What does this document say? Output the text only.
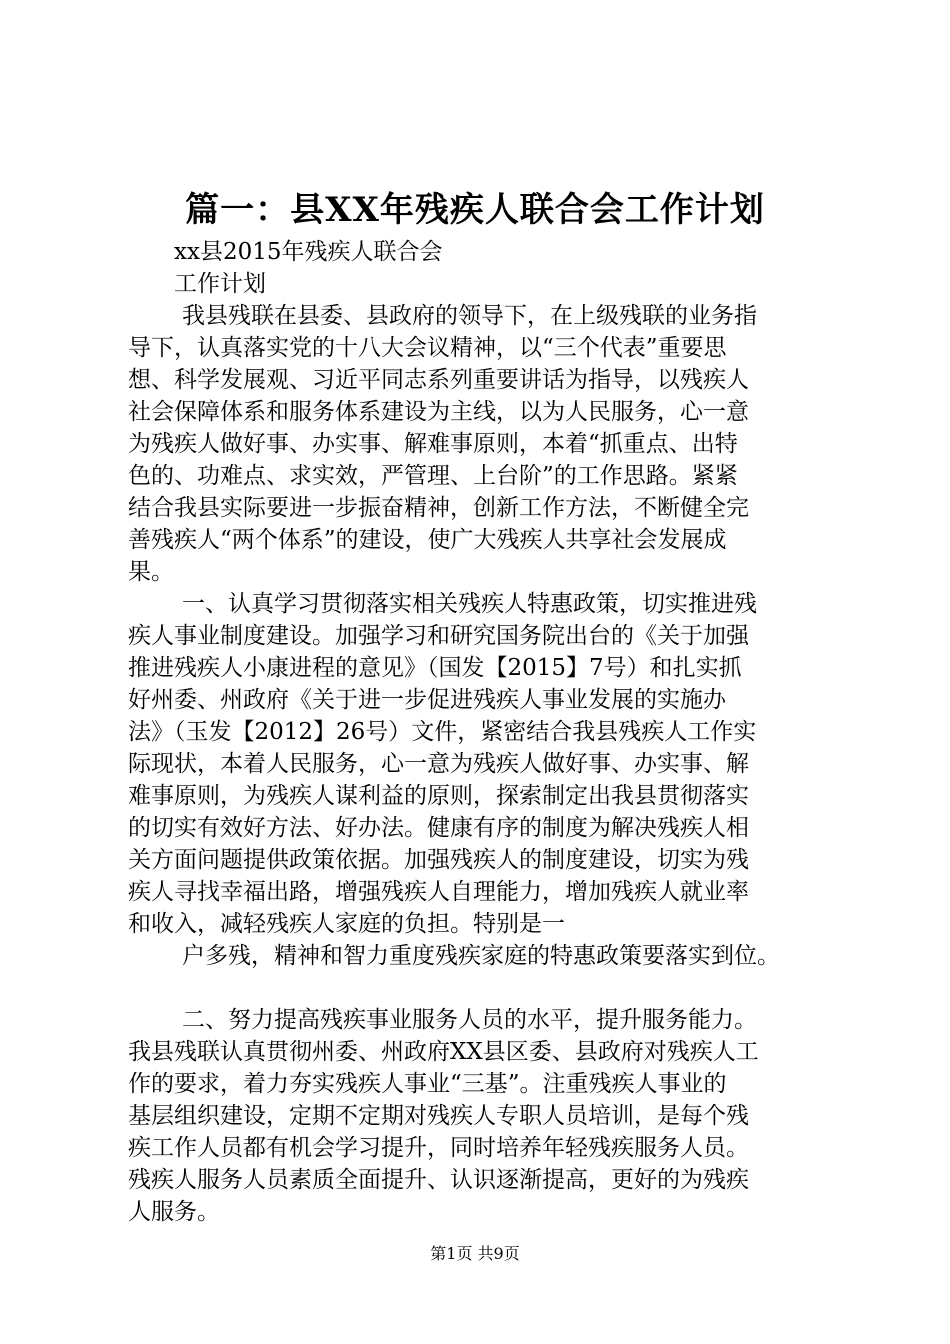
篇一：县XX年残疾人联合会工作计划
xx县2015年残疾人联合会
工作计划
我县残联在县委、县政府的领导下，在上级残联的业务指
导下，认真落实党的十八大会议精神，以“三个代表”重要思
想、科学发展观、习近平同志系列重要讲话为指导，以残疾人
社会保障体系和服务体系建设为主线，以为人民服务，心一意
为残疾人做好事、办实事、解难事原则，本着“抓重点、出特
色的、功难点、求实效，严管理、上台阶”的工作思路。紧紧
结合我县实际要进一步振奋精神，创新工作方法，不断健全完
善残疾人“两个体系”的建设，使广大残疾人共享社会发展成
果。
一、认真学习贯彻落实相关残疾人特惠政策，切实推进残
疾人事业制度建设。加强学习和研究国务院出台的《关于加强
推进残疾人小康进程的意见》（国发【2015】7号）和扎实抓
好州委、州政府《关于进一步促进残疾人事业发展的实施办
法》（玉发【2012】26号）文件，紧密结合我县残疾人工作实
际现状，本着人民服务，心一意为残疾人做好事、办实事、解
难事原则，为残疾人谋利益的原则，探索制定出我县贯彻落实
的切实有效好方法、好办法。健康有序的制度为解决残疾人相
关方面问题提供政策依据。加强残疾人的制度建设，切实为残
疾人寻找幸福出路，增强残疾人自理能力，增加残疾人就业率
和收入，减轻残疾人家庭的负担。特别是一
户多残，精神和智力重度残疾家庭的特惠政策要落实到位。
二、努力提高残疾事业服务人员的水平，提升服务能力。
我县残联认真贯彻州委、州政府XX县区委、县政府对残疾人工
作的要求，着力夯实残疾人事业“三基”。注重残疾人事业的
基层组织建设，定期不定期对残疾人专职人员培训，是每个残
疾工作人员都有机会学习提升，同时培养年轻残疾服务人员。
残疾人服务人员素质全面提升、认识逐渐提高，更好的为残疾
人服务。
第1页 共9页
